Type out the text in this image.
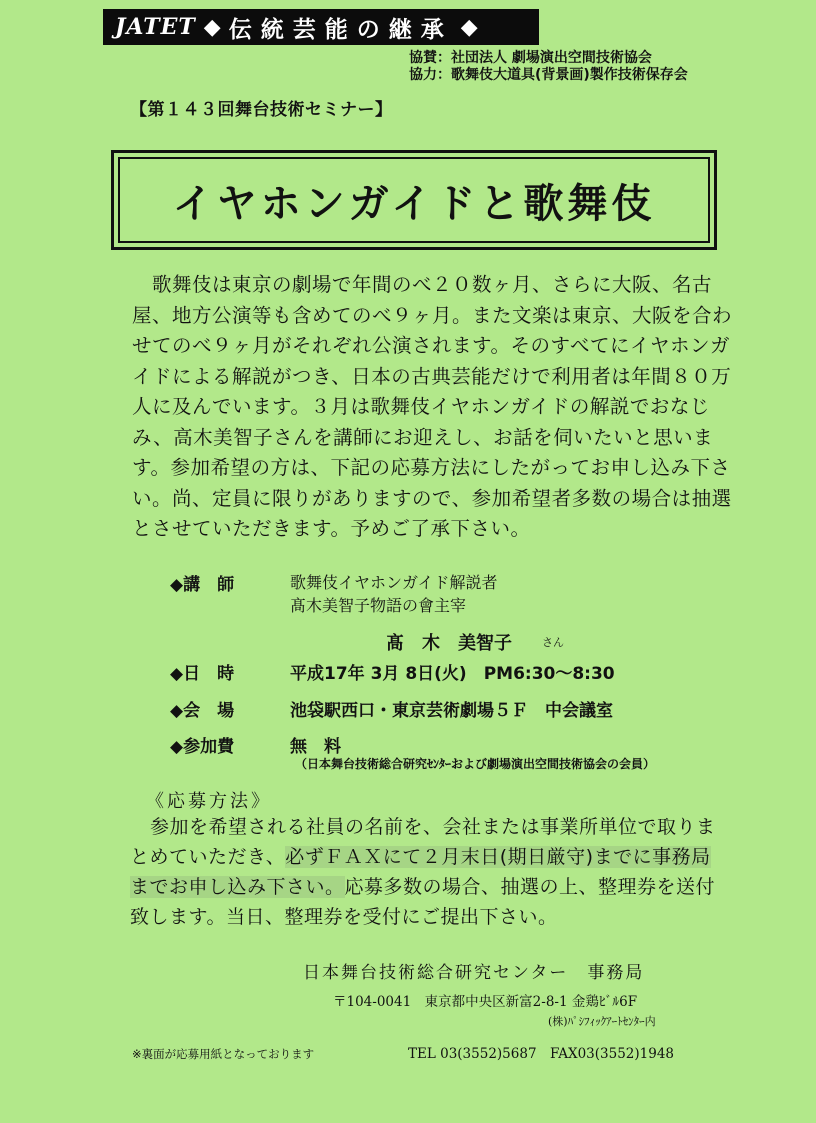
JATET ◆ 伝統芸能の継承 ◆
協賛：社団法人 劇場演出空間技術協会
協力：歌舞伎大道具(背景画)製作技術保存会
【第１４３回舞台技術セミナー】
イヤホンガイドと歌舞伎
歌舞伎は東京の劇場で年間のべ２０数ヶ月、さらに大阪、名古屋、地方公演等も含めてのべ９ヶ月。また文楽は東京、大阪を合わせてのべ９ヶ月がそれぞれ公演されます。そのすべてにイヤホンガイドによる解説がつき、日本の古典芸能だけで利用者は年間８０万人に及んでいます。３月は歌舞伎イヤホンガイドの解説でおなじみ、高木美智子さんを講師にお迎えし、お話を伺いたいと思います。参加希望の方は、下記の応募方法にしたがってお申し込み下さい。尚、定員に限りがありますので、参加希望者多数の場合は抽選とさせていただきます。予めご了承下さい。
◆講　師	歌舞伎イヤホンガイド解説者
髙木美智子物語の會主宰
髙　木　美智子	さん
◆日　時	平成17年 3月 8日(火)　PM6:30～8:30
◆会　場	池袋駅西口・東京芸術劇場５Ｆ　中会議室
◆参加費	無　料
（日本舞台技術総合研究ｾﾝﾀｰおよび劇場演出空間技術協会の会員）
《応募方法》
参加を希望される社員の名前を、会社または事業所単位で取りまとめていただき、必ずＦＡＸにて２月末日(期日厳守)までに事務局までお申し込み下さい。応募多数の場合、抽選の上、整理券を送付致します。当日、整理券を受付にご提出下さい。
日本舞台技術総合研究センター　事務局
〒104-0041　東京都中央区新富2-8-1 金鶏ﾋﾞﾙ6F
(株)ﾊﾟｼﾌｨｯｸｱｰﾄｾﾝﾀｰ内
※裏面が応募用紙となっております	TEL 03(3552)5687　FAX03(3552)1948
